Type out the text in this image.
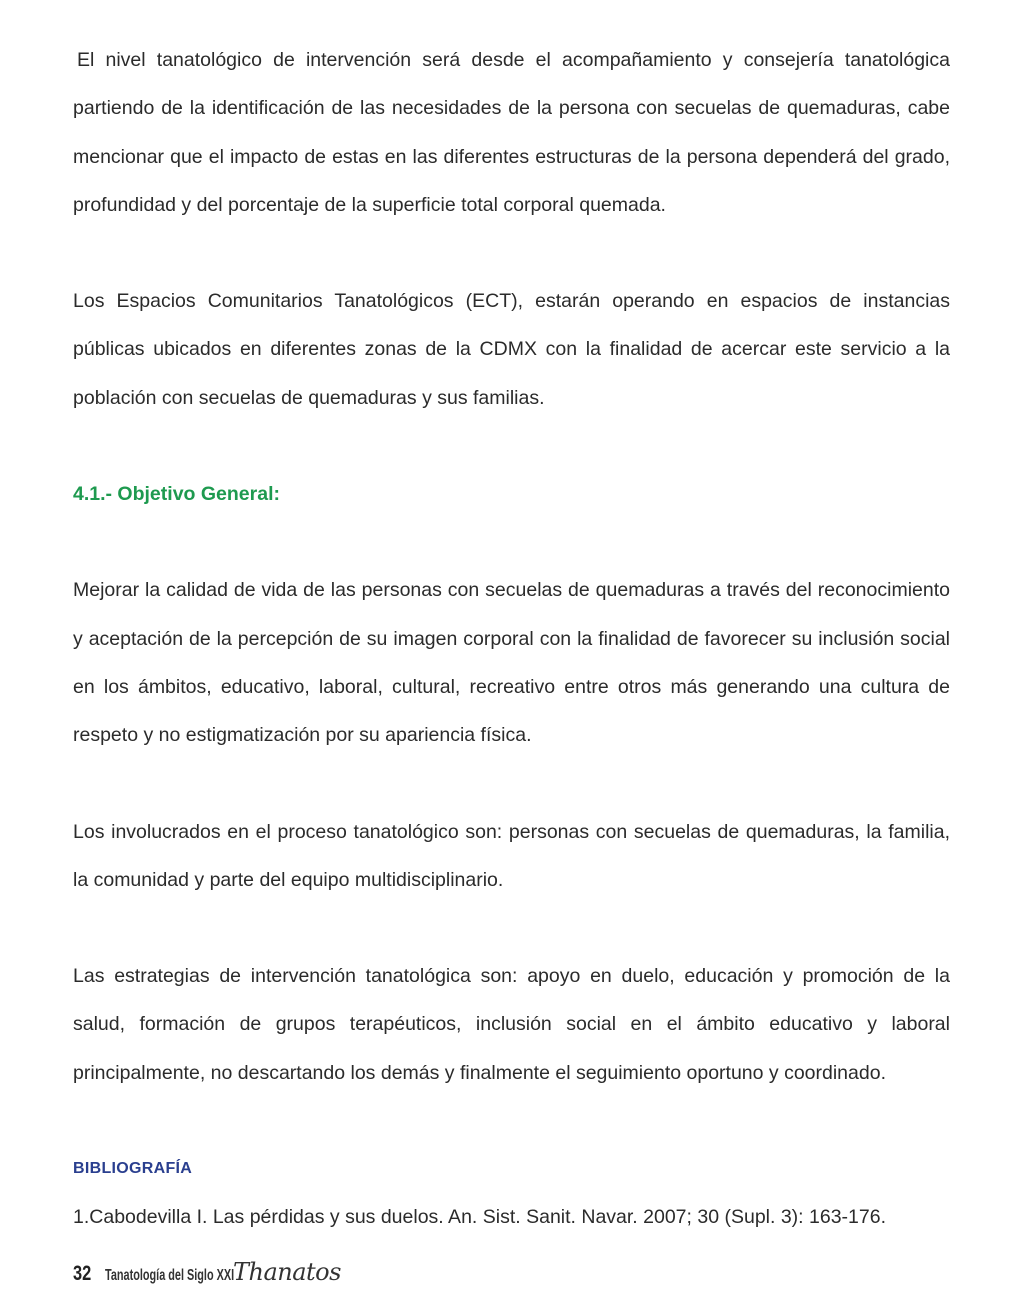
El nivel tanatológico de intervención será desde el acompañamiento y consejería tanatológica partiendo de la identificación de las necesidades de la persona con secuelas de quemaduras, cabe mencionar que el impacto de estas en las diferentes estructuras de la persona dependerá del grado, profundidad y del porcentaje de la superficie total corporal quemada.

Los Espacios Comunitarios Tanatológicos (ECT), estarán operando en espacios de instancias públicas ubicados en diferentes zonas de la CDMX con la finalidad de acercar este servicio a la población con secuelas de quemaduras y sus familias.

4.1.- Objetivo General:

Mejorar la calidad de vida de las personas con secuelas de quemaduras a través del reconocimiento y aceptación de la percepción de su imagen corporal con la finalidad de favorecer su inclusión social en los ámbitos, educativo, laboral, cultural, recreativo entre otros más generando una cultura de respeto y no estigmatización por su apariencia física.

Los involucrados en el proceso tanatológico son: personas con secuelas de quemaduras, la familia, la comunidad y parte del equipo multidisciplinario.

Las estrategias de intervención tanatológica son: apoyo en duelo, educación y promoción de la salud, formación de grupos terapéuticos, inclusión social en el ámbito educativo y laboral principalmente, no descartando los demás y finalmente el seguimiento oportuno y coordinado.

BIBLIOGRAFÍA

1.Cabodevilla I. Las pérdidas y sus duelos. An. Sist. Sanit. Navar. 2007; 30 (Supl. 3): 163-176.

32 Tanatología del Siglo XXI
Thanatos
